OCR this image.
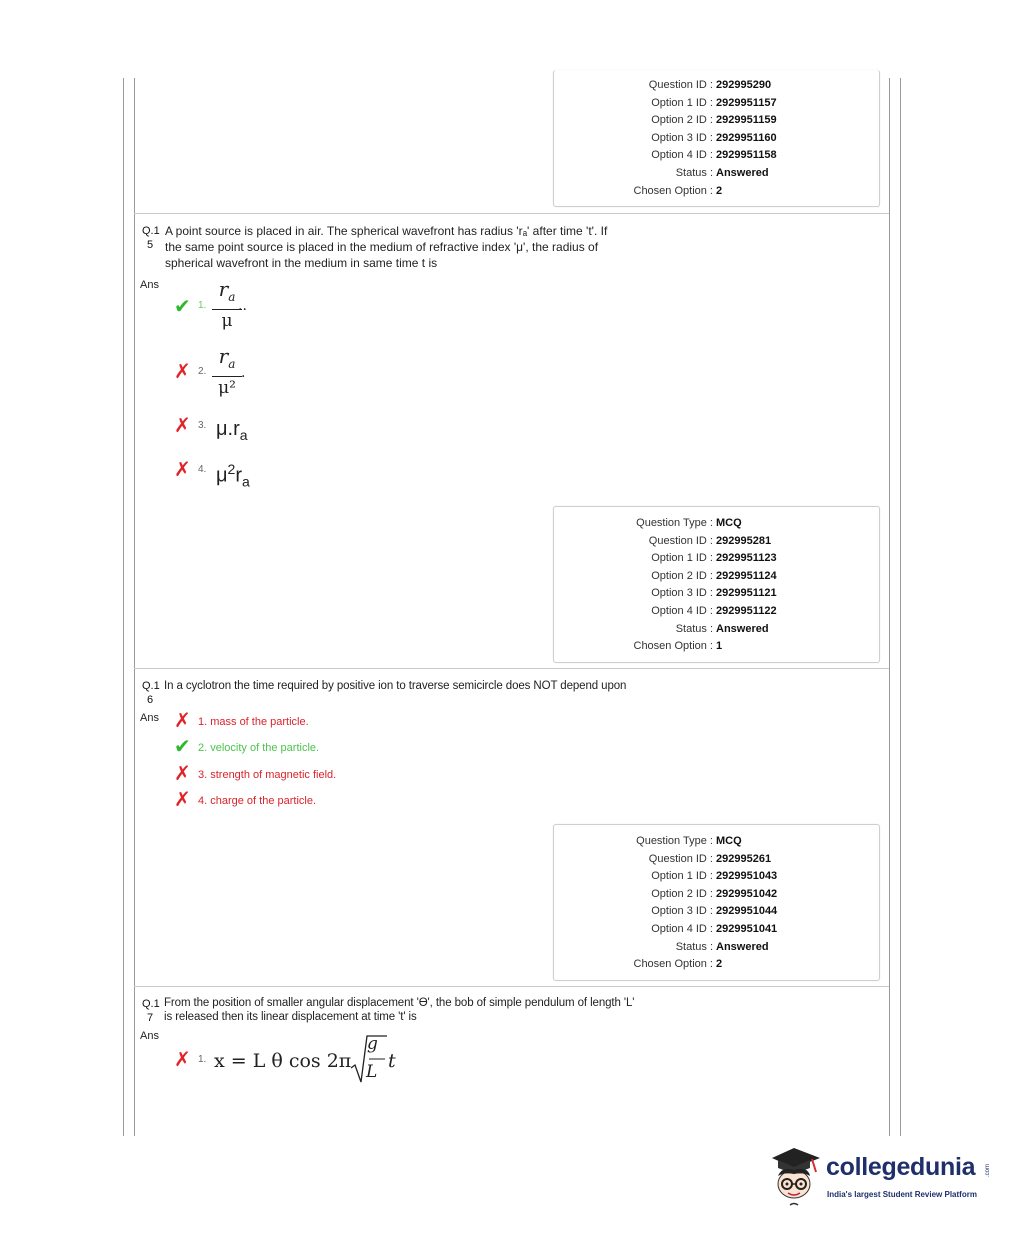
Question ID : 292995290
Option 1 ID : 2929951157
Option 2 ID : 2929951159
Option 3 ID : 2929951160
Option 4 ID : 2929951158
Status : Answered
Chosen Option : 2
Q.1
5
A point source is placed in air. The spherical wavefront has radius 'rₐ' after time 't'. If
the same point source is placed in the medium of refractive index 'μ', the radius of
spherical wavefront in the medium in same time t is
Ans
✔ 1.
$r_a$
μ
..
✗ 2.
$r_a$
μ²
.
✗ 3. $\mu.r_a$
✗ 4. $\mu^2r_a$
Question Type : MCQ
Question ID : 292995281
Option 1 ID : 2929951123
Option 2 ID : 2929951124
Option 3 ID : 2929951121
Option 4 ID : 2929951122
Status : Answered
Chosen Option : 1
Q.1
6
In a cyclotron the time required by positive ion to traverse semicircle does NOT depend upon
Ans ✗ 1. mass of the particle.
✔ 2. velocity of the particle.
✗ 3. strength of magnetic field.
✗ 4. charge of the particle.
Question Type : MCQ
Question ID : 292995261
Option 1 ID : 2929951043
Option 2 ID : 2929951042
Option 3 ID : 2929951044
Option 4 ID : 2929951041
Status : Answered
Chosen Option : 2
Q.1
7
From the position of smaller angular displacement 'ϴ', the bob of simple pendulum of length 'L'
is released then its linear displacement at time 't' is
Ans
✗ 1. x = L θ cos 2π
g
L t
collegedunia .com
India's largest Student Review Platform
